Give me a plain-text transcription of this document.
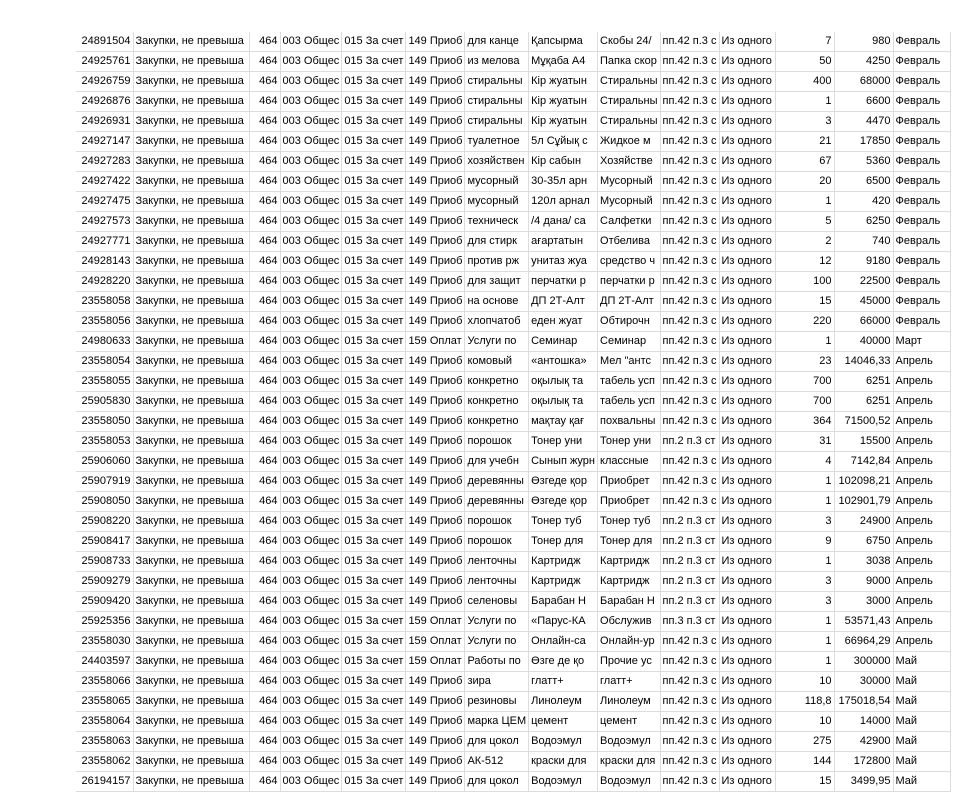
24891504	Закупки, не превыша	464	003 Общес	015 За счет	149 Приоб	для канце	Қапсырма	Скобы 24/	пп.42 п.3 с	Из одного	7	980	Февраль
24925761	Закупки, не превыша	464	003 Общес	015 За счет	149 Приоб	из мелова	Мұқаба А4	Папка скор	пп.42 п.3 с	Из одного	50	4250	Февраль
24926759	Закупки, не превыша	464	003 Общес	015 За счет	149 Приоб	стиральны	Кір жуатын	Стиральны	пп.42 п.3 с	Из одного	400	68000	Февраль
24926876	Закупки, не превыша	464	003 Общес	015 За счет	149 Приоб	стиральны	Кір жуатын	Стиральны	пп.42 п.3 с	Из одного	1	6600	Февраль
24926931	Закупки, не превыша	464	003 Общес	015 За счет	149 Приоб	стиральны	Кір жуатын	Стиральны	пп.42 п.3 с	Из одного	3	4470	Февраль
24927147	Закупки, не превыша	464	003 Общес	015 За счет	149 Приоб	туалетное	5л Сұйық с	Жидкое м	пп.42 п.3 с	Из одного	21	17850	Февраль
24927283	Закупки, не превыша	464	003 Общес	015 За счет	149 Приоб	хозяйствен	Кір сабын	Хозяйстве	пп.42 п.3 с	Из одного	67	5360	Февраль
24927422	Закупки, не превыша	464	003 Общес	015 За счет	149 Приоб	мусорный	30-35л арн	Мусорный	пп.42 п.3 с	Из одного	20	6500	Февраль
24927475	Закупки, не превыша	464	003 Общес	015 За счет	149 Приоб	мусорный	120л арнал	Мусорный	пп.42 п.3 с	Из одного	1	420	Февраль
24927573	Закупки, не превыша	464	003 Общес	015 За счет	149 Приоб	техническ	/4 дана/ са	Салфетки	пп.42 п.3 с	Из одного	5	6250	Февраль
24927771	Закупки, не превыша	464	003 Общес	015 За счет	149 Приоб	для стирк	ағартатын	Отбелива	пп.42 п.3 с	Из одного	2	740	Февраль
24928143	Закупки, не превыша	464	003 Общес	015 За счет	149 Приоб	против рж	унитаз жуа	средство ч	пп.42 п.3 с	Из одного	12	9180	Февраль
24928220	Закупки, не превыша	464	003 Общес	015 За счет	149 Приоб	для защит	перчатки р	перчатки р	пп.42 п.3 с	Из одного	100	22500	Февраль
23558058	Закупки, не превыша	464	003 Общес	015 За счет	149 Приоб	на основе	ДП 2Т-Алт	ДП 2Т-Алт	пп.42 п.3 с	Из одного	15	45000	Февраль
23558056	Закупки, не превыша	464	003 Общес	015 За счет	149 Приоб	хлопчатоб	еден жуат	Обтирочн	пп.42 п.3 с	Из одного	220	66000	Февраль
24980633	Закупки, не превыша	464	003 Общес	015 За счет	159 Оплат	Услуги по	Семинар	Семинар	пп.42 п.3 с	Из одного	1	40000	Март
23558054	Закупки, не превыша	464	003 Общес	015 За счет	149 Приоб	комовый	«антошка»	Мел "антс	пп.42 п.3 с	Из одного	23	14046,33	Апрель
23558055	Закупки, не превыша	464	003 Общес	015 За счет	149 Приоб	конкретно	оқылық та	табель усп	пп.42 п.3 с	Из одного	700	6251	Апрель
25905830	Закупки, не превыша	464	003 Общес	015 За счет	149 Приоб	конкретно	оқылық та	табель усп	пп.42 п.3 с	Из одного	700	6251	Апрель
23558050	Закупки, не превыша	464	003 Общес	015 За счет	149 Приоб	конкретно	мақтау қағ	похвальны	пп.42 п.3 с	Из одного	364	71500,52	Апрель
23558053	Закупки, не превыша	464	003 Общес	015 За счет	149 Приоб	порошок	Тонер уни	Тонер уни	пп.2 п.3 ст	Из одного	31	15500	Апрель
25906060	Закупки, не превыша	464	003 Общес	015 За счет	149 Приоб	для учебн	Сынып журн	классные	пп.42 п.3 с	Из одного	4	7142,84	Апрель
25907919	Закупки, не превыша	464	003 Общес	015 За счет	149 Приоб	деревянны	Өзгеде қор	Приобрет	пп.42 п.3 с	Из одного	1	102098,21	Апрель
25908050	Закупки, не превыша	464	003 Общес	015 За счет	149 Приоб	деревянны	Өзгеде қор	Приобрет	пп.42 п.3 с	Из одного	1	102901,79	Апрель
25908220	Закупки, не превыша	464	003 Общес	015 За счет	149 Приоб	порошок	Тонер туб	Тонер туб	пп.2 п.3 ст	Из одного	3	24900	Апрель
25908417	Закупки, не превыша	464	003 Общес	015 За счет	149 Приоб	порошок	Тонер для	Тонер для	пп.2 п.3 ст	Из одного	9	6750	Апрель
25908733	Закупки, не превыша	464	003 Общес	015 За счет	149 Приоб	ленточны	Картридж	Картридж	пп.2 п.3 ст	Из одного	1	3038	Апрель
25909279	Закупки, не превыша	464	003 Общес	015 За счет	149 Приоб	ленточны	Картридж	Картридж	пп.2 п.3 ст	Из одного	3	9000	Апрель
25909420	Закупки, не превыша	464	003 Общес	015 За счет	149 Приоб	селеновы	Барабан Н	Барабан Н	пп.2 п.3 ст	Из одного	3	3000	Апрель
25925356	Закупки, не превыша	464	003 Общес	015 За счет	159 Оплат	Услуги по	«Парус-КА	Обслужив	пп.3 п.3 ст	Из одного	1	53571,43	Апрель
23558030	Закупки, не превыша	464	003 Общес	015 За счет	159 Оплат	Услуги по	Онлайн-са	Онлайн-ур	пп.42 п.3 с	Из одного	1	66964,29	Апрель
24403597	Закупки, не превыша	464	003 Общес	015 За счет	159 Оплат	Работы по	Өзге де қо	Прочие ус	пп.42 п.3 с	Из одного	1	300000	Май
23558066	Закупки, не превыша	464	003 Общес	015 За счет	149 Приоб	зира	глатт+	глатт+	пп.42 п.3 с	Из одного	10	30000	Май
23558065	Закупки, не превыша	464	003 Общес	015 За счет	149 Приоб	резиновы	Линолеум	Линолеум	пп.42 п.3 с	Из одного	118,8	175018,54	Май
23558064	Закупки, не превыша	464	003 Общес	015 За счет	149 Приоб	марка ЦЕМ	цемент	цемент	пп.42 п.3 с	Из одного	10	14000	Май
23558063	Закупки, не превыша	464	003 Общес	015 За счет	149 Приоб	для цокол	Водоэмул	Водоэмул	пп.42 п.3 с	Из одного	275	42900	Май
23558062	Закупки, не превыша	464	003 Общес	015 За счет	149 Приоб	АК-512	краски для	краски для	пп.42 п.3 с	Из одного	144	172800	Май
26194157	Закупки, не превыша	464	003 Общес	015 За счет	149 Приоб	для цокол	Водоэмул	Водоэмул	пп.42 п.3 с	Из одного	15	3499,95	Май
